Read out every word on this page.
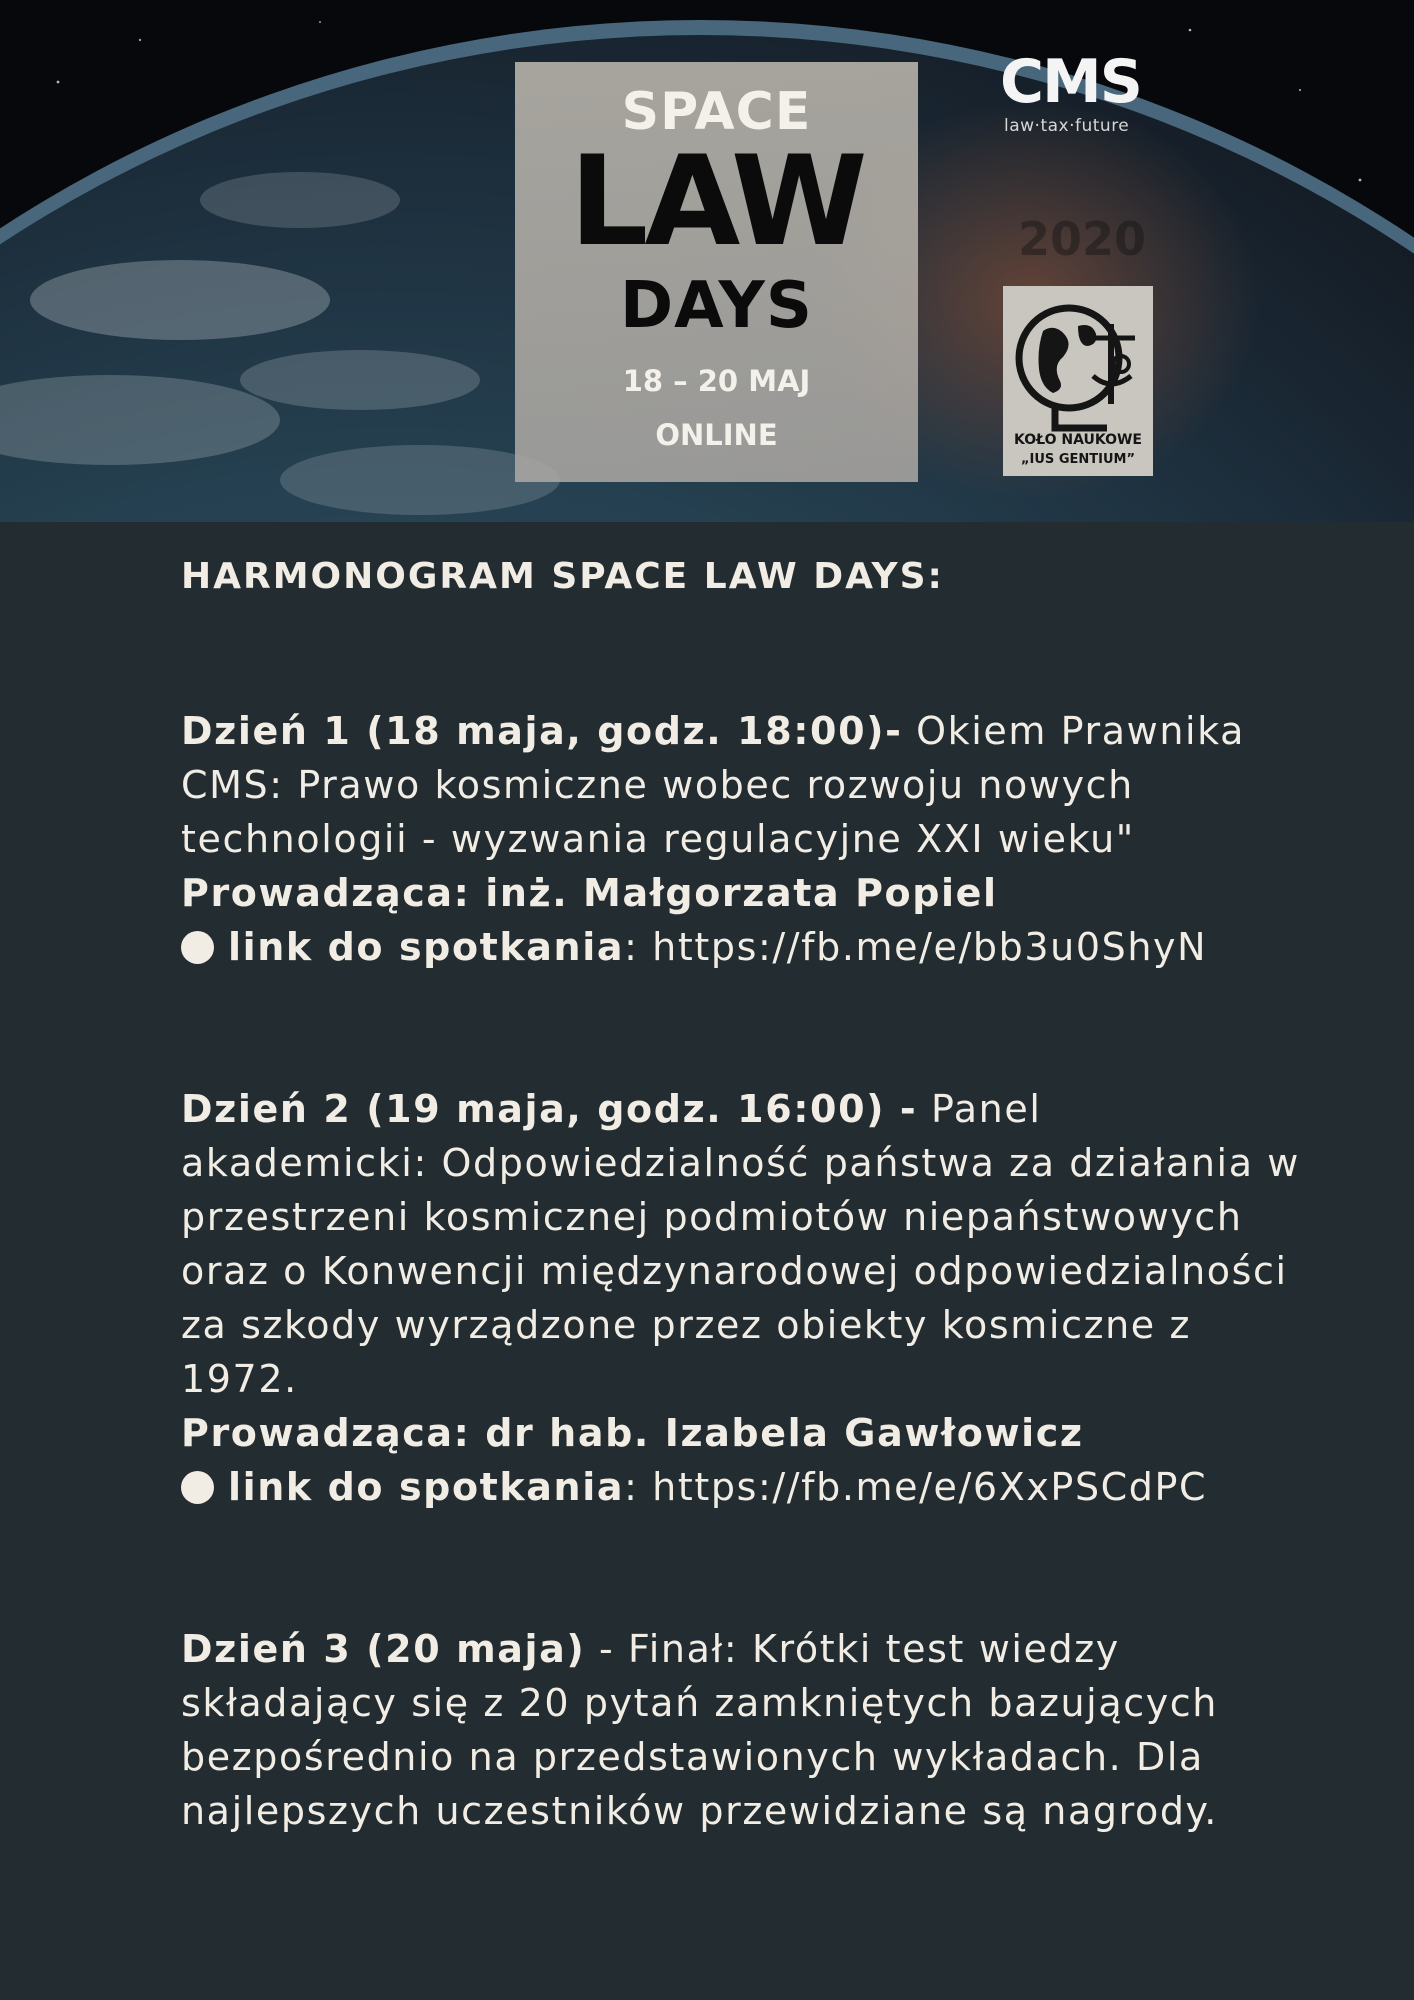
SPACE
LAW
DAYS
18 – 20 MAJ
ONLINE
CMS
law·tax·future
2020
KOŁO NAUKOWE
„IUS GENTIUM”

HARMONOGRAM SPACE LAW DAYS:

Dzień 1 (18 maja, godz. 18:00)- Okiem Prawnika CMS: Prawo kosmiczne wobec rozwoju nowych technologii - wyzwania regulacyjne XXI wieku"
Prowadząca: inż. Małgorzata Popiel
link do spotkania: https://fb.me/e/bb3u0ShyN
Dzień 2 (19 maja, godz. 16:00) - Panel akademicki: Odpowiedzialność państwa za działania w przestrzeni kosmicznej podmiotów niepaństwowych oraz o Konwencji międzynarodowej odpowiedzialności za szkody wyrządzone przez obiekty kosmiczne z 1972.
Prowadząca: dr hab. Izabela Gawłowicz
link do spotkania: https://fb.me/e/6XxPSCdPC
Dzień 3 (20 maja) - Finał: Krótki test wiedzy składający się z 20 pytań zamkniętych bazujących bezpośrednio na przedstawionych wykładach. Dla najlepszych uczestników przewidziane są nagrody.
